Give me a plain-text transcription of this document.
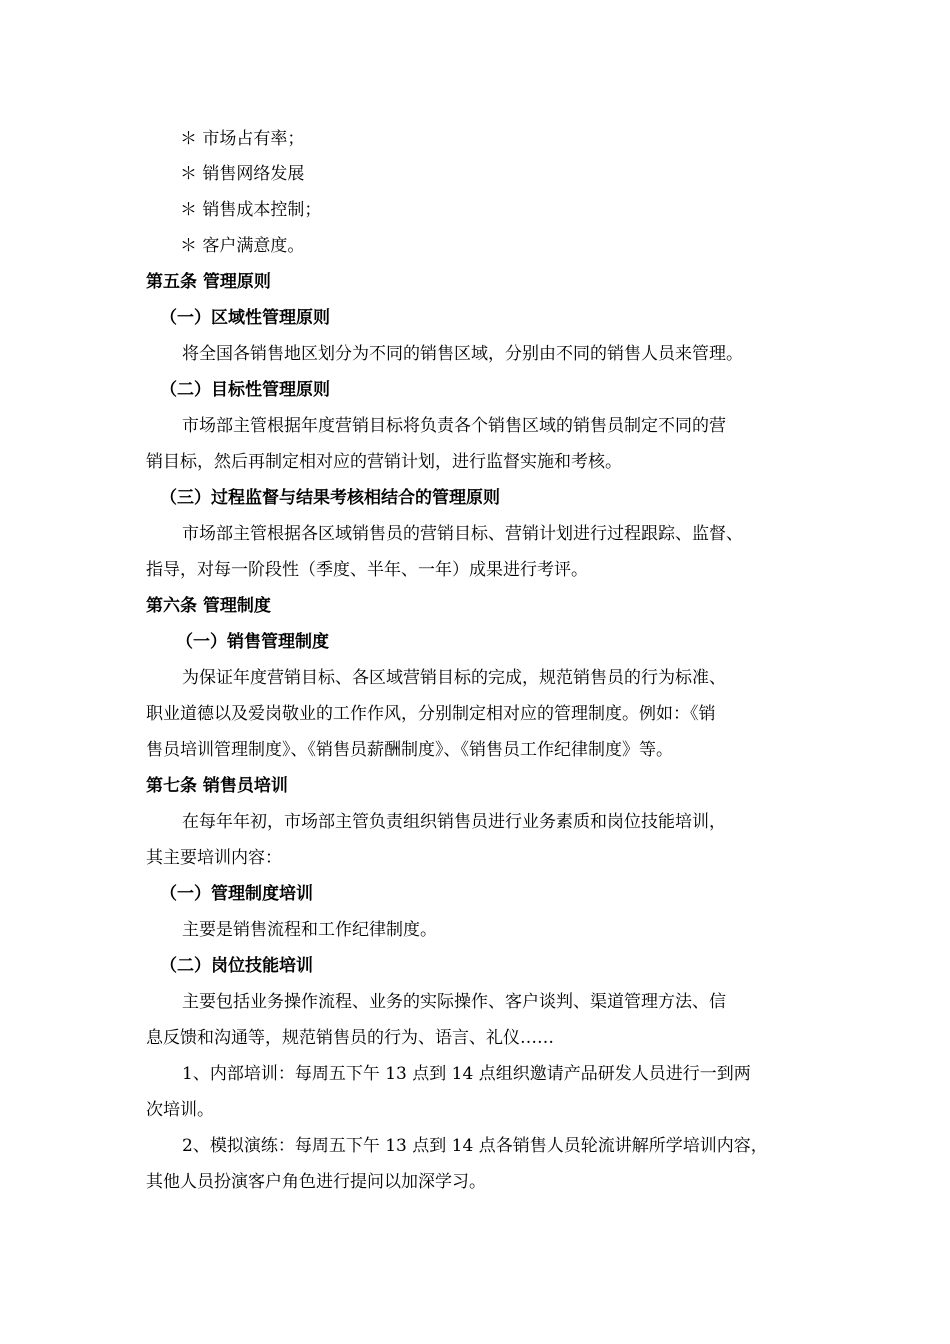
＊ 市场占有率；
＊ 销售网络发展
＊ 销售成本控制；
＊ 客户满意度。
第五条 管理原则
（一）区域性管理原则
将全国各销售地区划分为不同的销售区域，分别由不同的销售人员来管理。
（二）目标性管理原则
市场部主管根据年度营销目标将负责各个销售区域的销售员制定不同的营
销目标，然后再制定相对应的营销计划，进行监督实施和考核。
（三）过程监督与结果考核相结合的管理原则
市场部主管根据各区域销售员的营销目标、营销计划进行过程跟踪、监督、
指导，对每一阶段性（季度、半年、一年）成果进行考评。
第六条 管理制度
（一）销售管理制度
为保证年度营销目标、各区域营销目标的完成，规范销售员的行为标准、
职业道德以及爱岗敬业的工作作风，分别制定相对应的管理制度。例如：《销
售员培训管理制度》、《销售员薪酬制度》、《销售员工作纪律制度》等。
第七条 销售员培训
在每年年初，市场部主管负责组织销售员进行业务素质和岗位技能培训，
其主要培训内容：
（一）管理制度培训
主要是销售流程和工作纪律制度。
（二）岗位技能培训
主要包括业务操作流程、业务的实际操作、客户谈判、渠道管理方法、信
息反馈和沟通等，规范销售员的行为、语言、礼仪……
1、内部培训：每周五下午 13 点到 14 点组织邀请产品研发人员进行一到两
次培训。
2、模拟演练：每周五下午 13 点到 14 点各销售人员轮流讲解所学培训内容，
其他人员扮演客户角色进行提问以加深学习。
